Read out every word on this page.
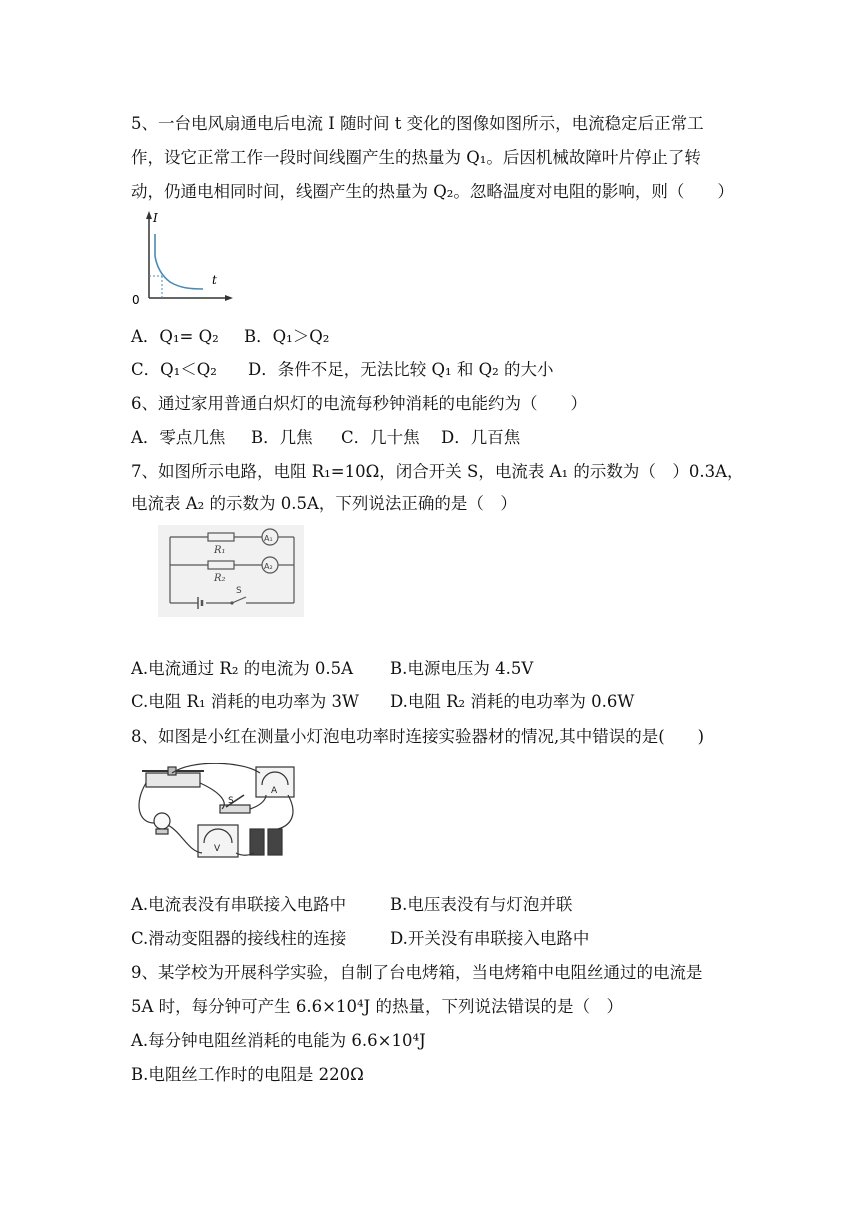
5、一台电风扇通电后电流 I 随时间 t 变化的图像如图所示，电流稳定后正常工
作，设它正常工作一段时间线圈产生的热量为 Q₁。后因机械故障叶片停止了转
动，仍通电相同时间，线圈产生的热量为 Q₂。忽略温度对电阻的影响，则（　　）
I
t
0
A．Q₁= Q₂ B．Q₁＞Q₂
C．Q₁＜Q₂ D．条件不足，无法比较 Q₁ 和 Q₂ 的大小
6、通过家用普通白炽灯的电流每秒钟消耗的电能约为（　　）
A．零点几焦 B．几焦 C．几十焦 D．几百焦
7、如图所示电路，电阻 R₁=10Ω，闭合开关 S，电流表 A₁ 的示数为（　）0.3A，
电流表 A₂ 的示数为 0.5A，下列说法正确的是（　）
R₁
R₂
A₁
A₂
S
A.电流通过 R₂ 的电流为 0.5A B.电源电压为 4.5V
C.电阻 R₁ 消耗的电功率为 3W D.电阻 R₂ 消耗的电功率为 0.6W
8、如图是小红在测量小灯泡电功率时连接实验器材的情况,其中错误的是(　　)
S
A
V
A.电流表没有串联接入电路中	B.电压表没有与灯泡并联
C.滑动变阻器的接线柱的连接	D.开关没有串联接入电路中
9、某学校为开展科学实验，自制了台电烤箱，当电烤箱中电阻丝通过的电流是
5A 时，每分钟可产生 6.6×10⁴J 的热量，下列说法错误的是（　）
A.每分钟电阻丝消耗的电能为 6.6×10⁴J
B.电阻丝工作时的电阻是 220Ω
